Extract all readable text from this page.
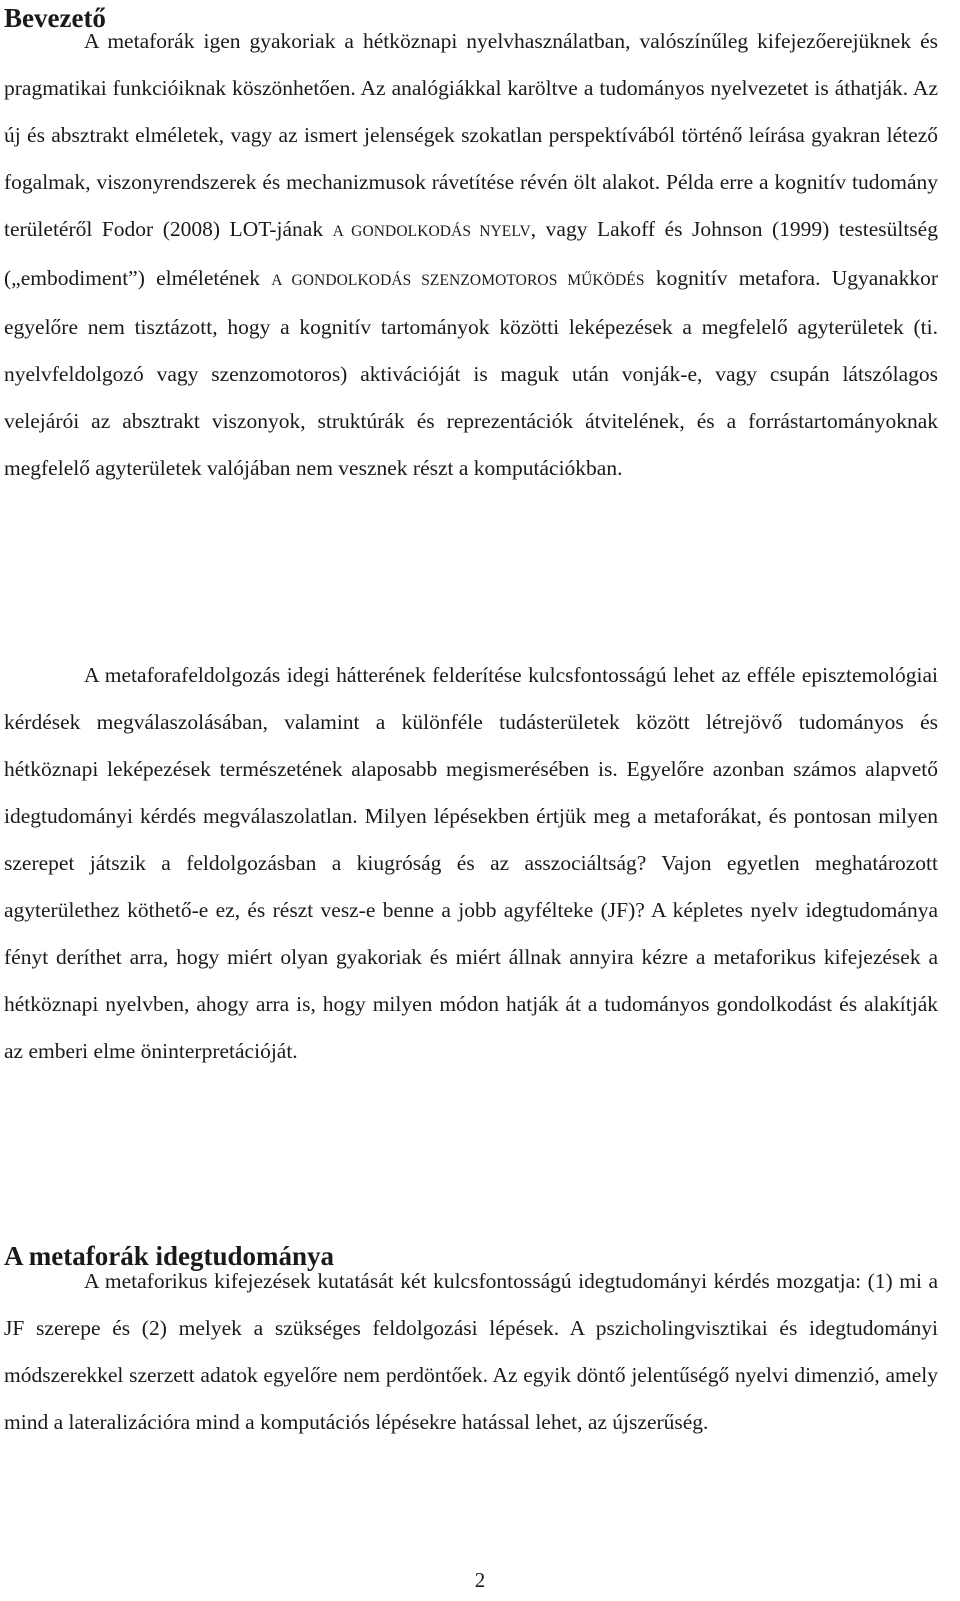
Bevezető

A metaforák igen gyakoriak a hétköznapi nyelvhasználatban, valószínűleg kifejezőerejüknek és pragmatikai funkcióiknak köszönhetően. Az analógiákkal karöltve a tudományos nyelvezetet is áthatják. Az új és absztrakt elméletek, vagy az ismert jelenségek szokatlan perspektívából történő leírása gyakran létező fogalmak, viszonyrendszerek és mechanizmusok rávetítése révén ölt alakot. Példa erre a kognitív tudomány területéről Fodor (2008) LOT-jának A GONDOLKODÁS NYELV, vagy Lakoff és Johnson (1999) testesültség („embodiment”) elméletének A GONDOLKODÁS SZENZOMOTOROS MŰKÖDÉS kognitív metafora. Ugyanakkor egyelőre nem tisztázott, hogy a kognitív tartományok közötti leképezések a megfelelő agyterületek (ti. nyelvfeldolgozó vagy szenzomotoros) aktivációját is maguk után vonják-e, vagy csupán látszólagos velejárói az absztrakt viszonyok, struktúrák és reprezentációk átvitelének, és a forrástartományoknak megfelelő agyterületek valójában nem vesznek részt a komputációkban.

A metaforafeldolgozás idegi hátterének felderítése kulcsfontosságú lehet az efféle episztemológiai kérdések megválaszolásában, valamint a különféle tudásterületek között létrejövő tudományos és hétköznapi leképezések természetének alaposabb megismerésében is. Egyelőre azonban számos alapvető idegtudományi kérdés megválaszolatlan. Milyen lépésekben értjük meg a metaforákat, és pontosan milyen szerepet játszik a feldolgozásban a kiugróság és az asszociáltság? Vajon egyetlen meghatározott agyterülethez köthető-e ez, és részt vesz-e benne a jobb agyfélteke (JF)? A képletes nyelv idegtudománya fényt deríthet arra, hogy miért olyan gyakoriak és miért állnak annyira kézre a metaforikus kifejezések a hétköznapi nyelvben, ahogy arra is, hogy milyen módon hatják át a tudományos gondolkodást és alakítják az emberi elme öninterpretációját.

A metaforák idegtudománya

A metaforikus kifejezések kutatását két kulcsfontosságú idegtudományi kérdés mozgatja: (1) mi a JF szerepe és (2) melyek a szükséges feldolgozási lépések. A pszicholingvisztikai és idegtudományi módszerekkel szerzett adatok egyelőre nem perdöntőek. Az egyik döntő jelentűségő nyelvi dimenzió, amely mind a lateralizációra mind a komputációs lépésekre hatással lehet, az újszerűség.

2
